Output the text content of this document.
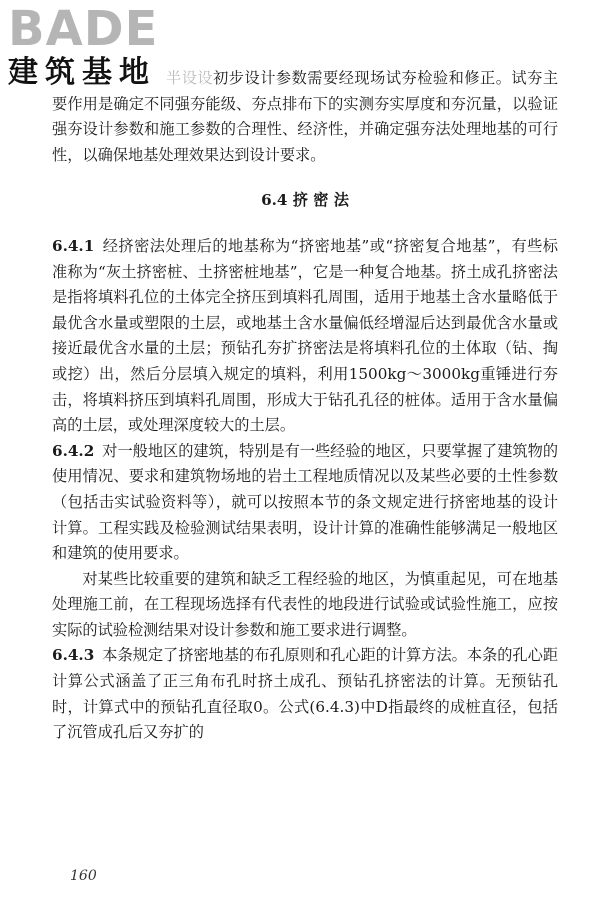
BADE
建筑基地 半设设初步设计参数需要经现场试夯检验和修正。试夯主要作用是确定不同强夯能级、夯点排布下的实测夯实厚度和夯沉量，以验证强夯设计参数和施工参数的合理性、经济性，并确定强夯法处理地基的可行性，以确保地基处理效果达到设计要求。

6.4 挤 密 法

6.4.1 经挤密法处理后的地基称为“挤密地基”或“挤密复合地基”，有些标准称为“灰土挤密桩、土挤密桩地基”，它是一种复合地基。挤土成孔挤密法是指将填料孔位的土体完全挤压到填料孔周围，适用于地基土含水量略低于最优含水量或塑限的土层，或地基土含水量偏低经增湿后达到最优含水量或接近最优含水量的土层；预钻孔夯扩挤密法是将填料孔位的土体取（钻、掏或挖）出，然后分层填入规定的填料，利用1500kg～3000kg重锤进行夯击，将填料挤压到填料孔周围，形成大于钻孔孔径的桩体。适用于含水量偏高的土层，或处理深度较大的土层。

6.4.2 对一般地区的建筑，特别是有一些经验的地区，只要掌握了建筑物的使用情况、要求和建筑物场地的岩土工程地质情况以及某些必要的土性参数（包括击实试验资料等），就可以按照本节的条文规定进行挤密地基的设计计算。工程实践及检验测试结果表明，设计计算的准确性能够满足一般地区和建筑的使用要求。

对某些比较重要的建筑和缺乏工程经验的地区，为慎重起见，可在地基处理施工前，在工程现场选择有代表性的地段进行试验或试验性施工，应按实际的试验检测结果对设计参数和施工要求进行调整。

6.4.3 本条规定了挤密地基的布孔原则和孔心距的计算方法。本条的孔心距计算公式涵盖了正三角布孔时挤土成孔、预钻孔挤密法的计算。无预钻孔时，计算式中的预钻孔直径取0。公式(6.4.3)中D指最终的成桩直径，包括了沉管成孔后又夯扩的

160
